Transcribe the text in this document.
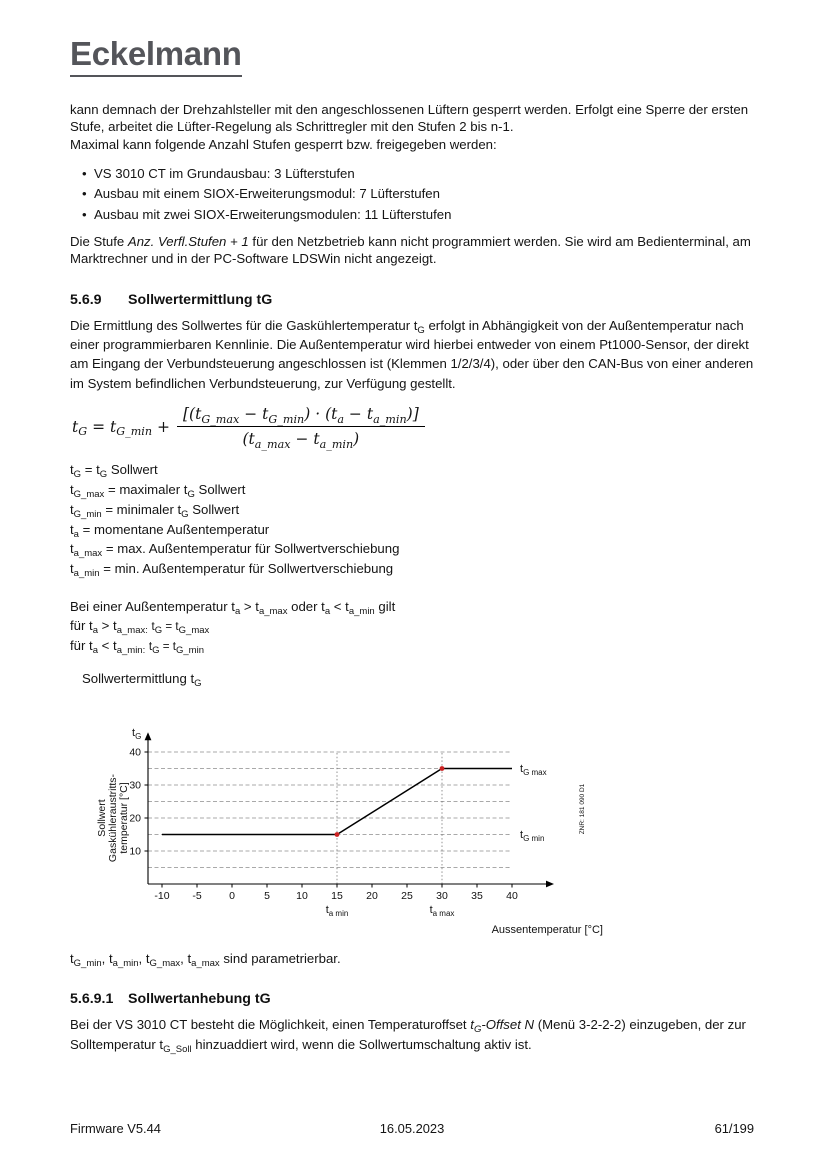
Eckelmann

kann demnach der Drehzahlsteller mit den angeschlossenen Lüftern gesperrt werden. Erfolgt eine Sperre der ersten Stufe, arbeitet die Lüfter-Regelung als Schrittregler mit den Stufen 2 bis n-1.
Maximal kann folgende Anzahl Stufen gesperrt bzw. freigegeben werden:

• VS 3010 CT im Grundausbau: 3 Lüfterstufen
• Ausbau mit einem SIOX-Erweiterungsmodul: 7 Lüfterstufen
• Ausbau mit zwei SIOX-Erweiterungsmodulen: 11 Lüfterstufen

Die Stufe Anz. Verfl.Stufen + 1 für den Netzbetrieb kann nicht programmiert werden. Sie wird am Bedienterminal, am Marktrechner und in der PC-Software LDSWin nicht angezeigt.

5.6.9	Sollwertermittlung tG

Die Ermittlung des Sollwertes für die Gaskühlertemperatur $t_G$ erfolgt in Abhängigkeit von der Außentemperatur nach einer programmierbaren Kennlinie. Die Außentemperatur wird hierbei entweder von einem Pt1000-Sensor, der direkt am Eingang der Verbundsteuerung angeschlossen ist (Klemmen 1/2/3/4), oder über den CAN-Bus von einer anderen im System befindlichen Verbundsteuerung, zur Verfügung gestellt.

$t_G = t_{G\_min} + \frac{[(t_{G\_max} - t_{G\_min}) \cdot (t_a - t_{a\_min})]}{(t_{a\_max} - t_{a\_min})}$

$t_G = t_G$ Sollwert

$t_{G\_max}$ = maximaler $t_G$ Sollwert

$t_{G\_min}$ = minimaler $t_G$ Sollwert

$t_a$ = momentane Außentemperatur

$t_{a\_max} = \max$. Außentemperatur für Sollwertverschiebung

$t_{a\_min} = \min$. Außentemperatur für Sollwertverschiebung

Bei einer Außentemperatur $t_a > t_{a\_max}$ oder $t_a < t_{a\_min}$ gilt

für $t_a > t_{a\_max:}$ $t_G = t_{G\_max}$

für $t_a < t_{a\_min:}$ $t_G = t_{G\_min}$

Sollwertermittlung $t_G$
-10 -5	0	5 10 15 20 25 30 35 40
10
20
30
40
$t_{G max}$
$t_{G min}$
$t_{a min}$	$t_{a max}$
$t_G$
SollwertGaskühleraustritts-temperatur [°C]
Aussentemperatur [°C]
ZNR: 181 090 D1

$t_{G\_min}$, $t_{a\_min}$, $t_{G\_max}$, $t_{a\_max}$ sind parametrierbar.

5.6.9.1	Sollwertanhebung tG

Bei der VS 3010 CT besteht die Möglichkeit, einen Temperaturoffset $t_G$-Offset N (Menü 3-2-2-2) einzugeben, der zur Solltemperatur $t_{G\_Soll}$ hinzuaddiert wird, wenn die Sollwertumschaltung aktiv ist.

Firmware V5.44	16.05.2023	61/199
